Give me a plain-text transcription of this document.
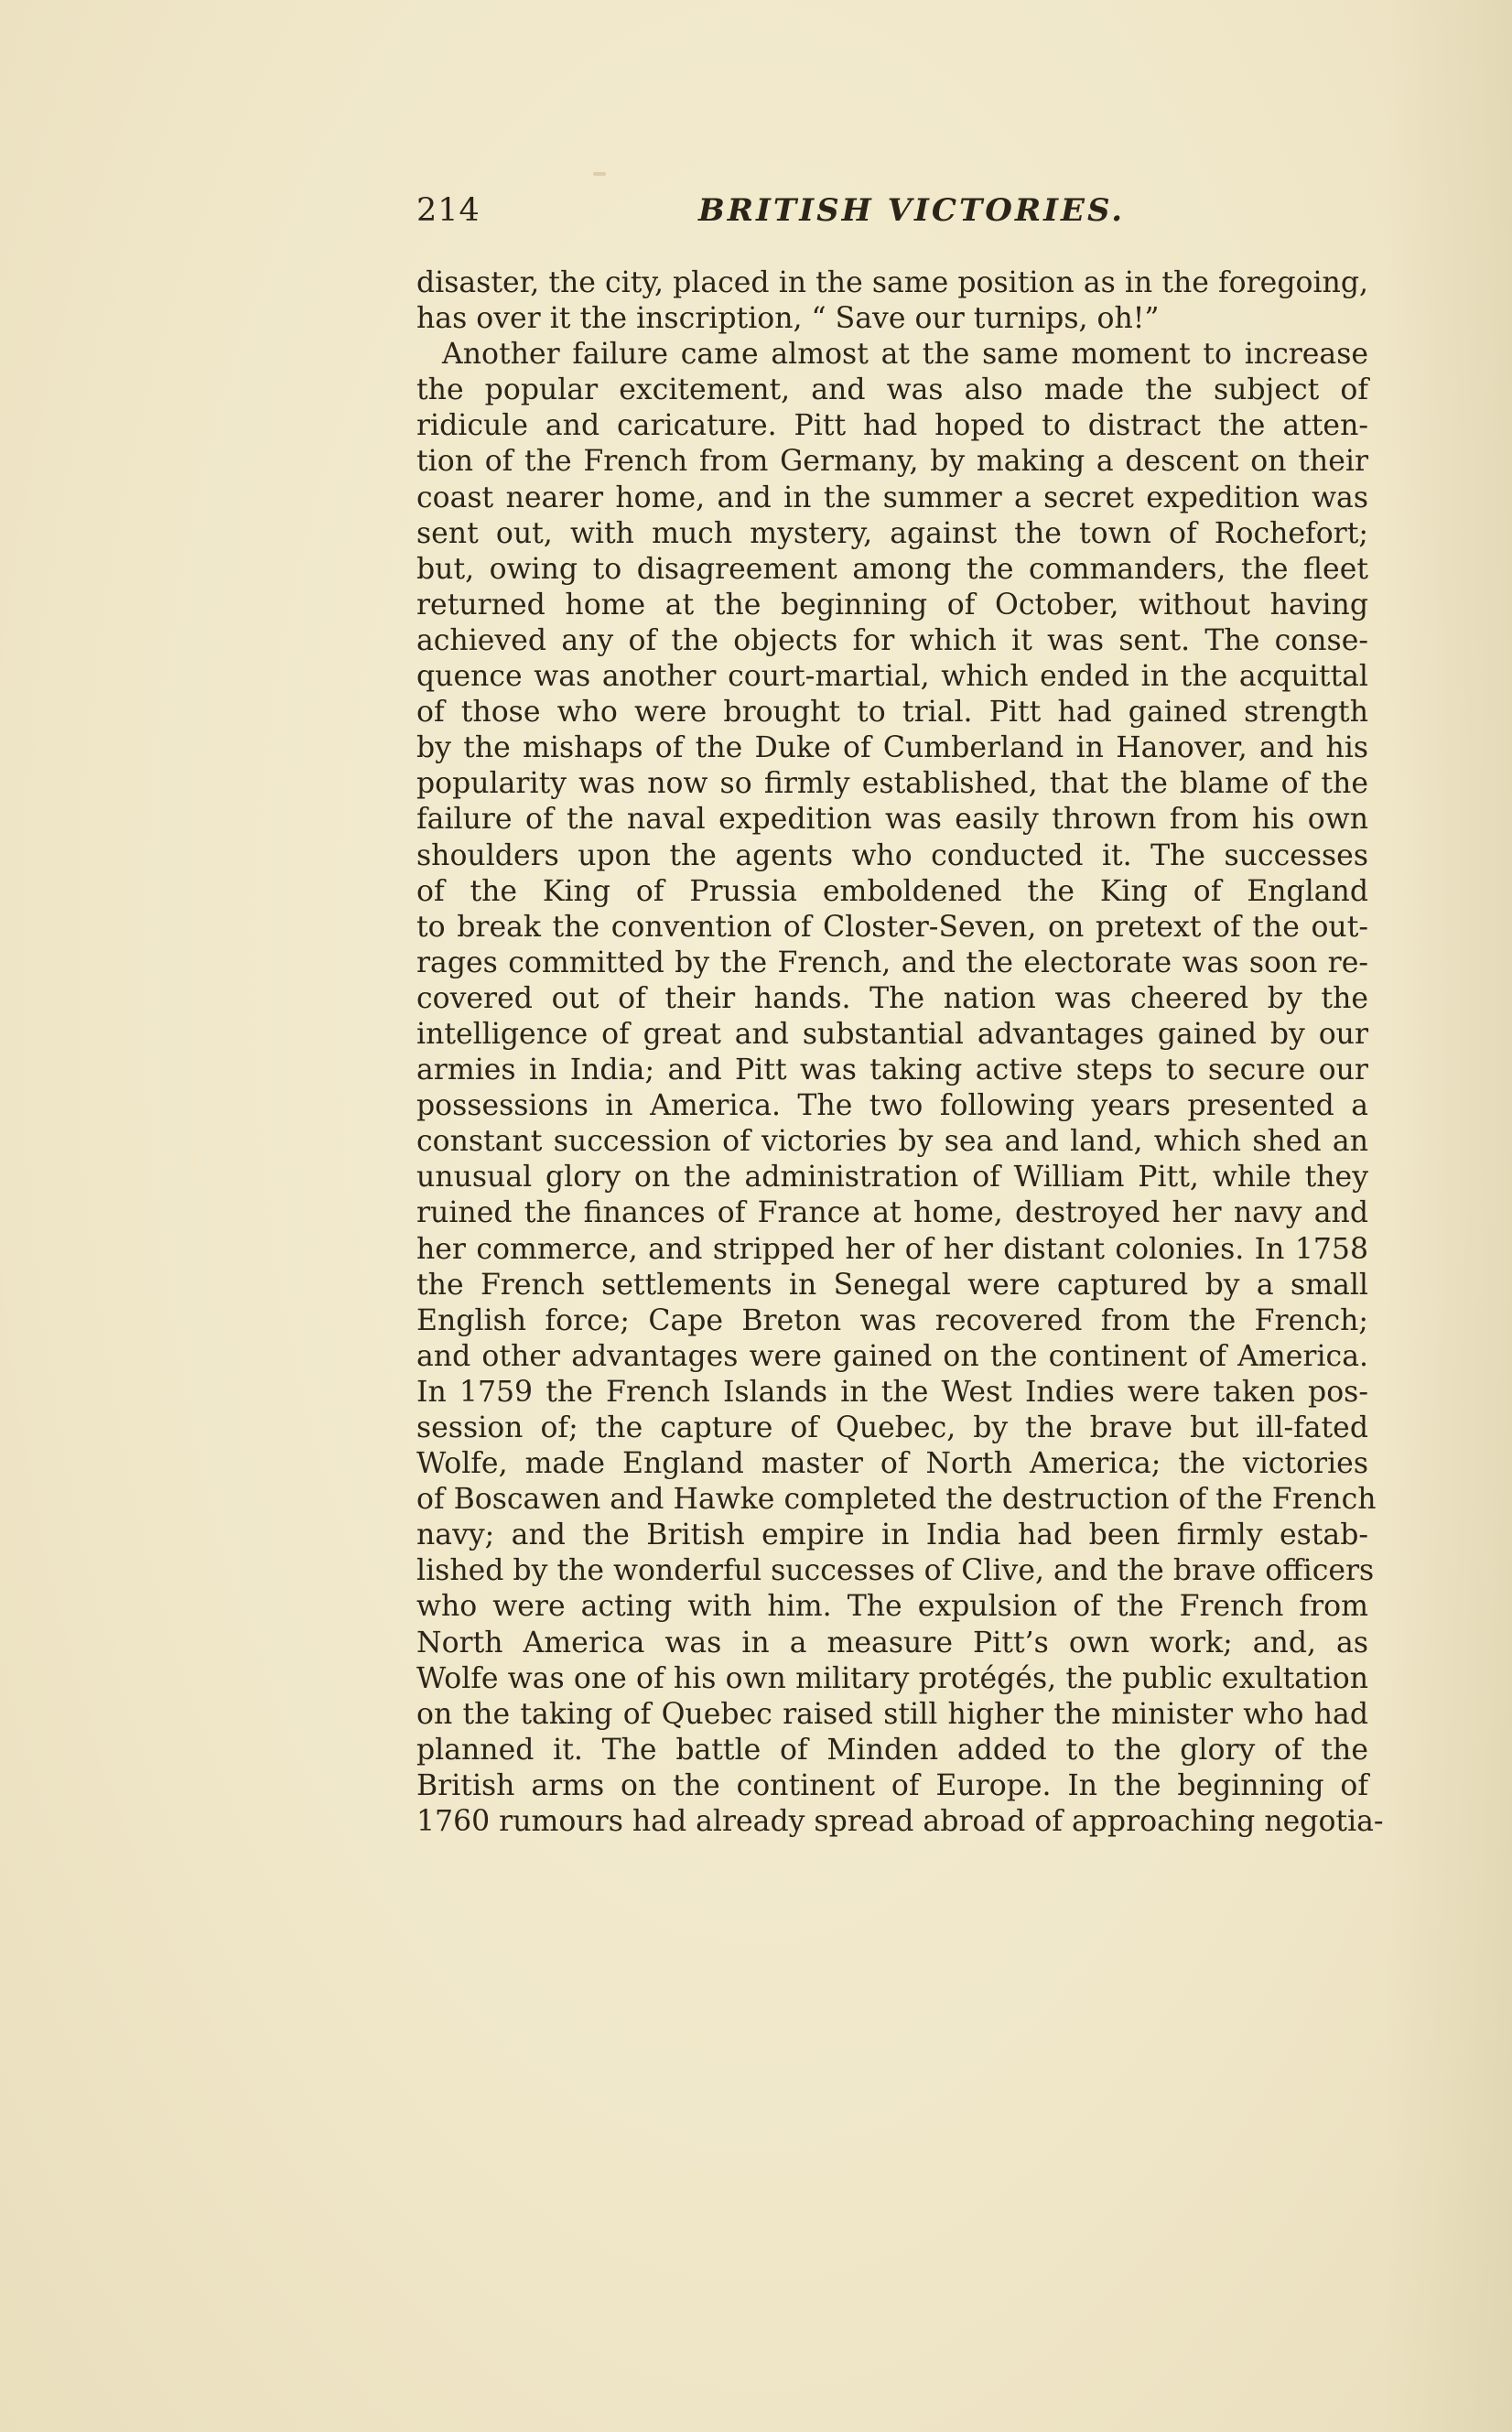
214	BRITISH VICTORIES.
disaster, the city, placed in the same position as in the foregoing,
has over it the inscription, “ Save our turnips, oh!”
Another failure came almost at the same moment to increase
the popular excitement, and was also made the subject of
ridicule and caricature. Pitt had hoped to distract the atten-
tion of the French from Germany, by making a descent on their
coast nearer home, and in the summer a secret expedition was
sent out, with much mystery, against the town of Rochefort;
but, owing to disagreement among the commanders, the fleet
returned home at the beginning of October, without having
achieved any of the objects for which it was sent. The conse-
quence was another court-martial, which ended in the acquittal
of those who were brought to trial. Pitt had gained strength
by the mishaps of the Duke of Cumberland in Hanover, and his
popularity was now so firmly established, that the blame of the
failure of the naval expedition was easily thrown from his own
shoulders upon the agents who conducted it. The successes
of the King of Prussia emboldened the King of England
to break the convention of Closter-Seven, on pretext of the out-
rages committed by the French, and the electorate was soon re-
covered out of their hands. The nation was cheered by the
intelligence of great and substantial advantages gained by our
armies in India; and Pitt was taking active steps to secure our
possessions in America. The two following years presented a
constant succession of victories by sea and land, which shed an
unusual glory on the administration of William Pitt, while they
ruined the finances of France at home, destroyed her navy and
her commerce, and stripped her of her distant colonies. In 1758
the French settlements in Senegal were captured by a small
English force; Cape Breton was recovered from the French;
and other advantages were gained on the continent of America.
In 1759 the French Islands in the West Indies were taken pos-
session of; the capture of Quebec, by the brave but ill-fated
Wolfe, made England master of North America; the victories
of Boscawen and Hawke completed the destruction of the French
navy; and the British empire in India had been firmly estab-
lished by the wonderful successes of Clive, and the brave officers
who were acting with him. The expulsion of the French from
North America was in a measure Pitt’s own work; and, as
Wolfe was one of his own military protégés, the public exultation
on the taking of Quebec raised still higher the minister who had
planned it. The battle of Minden added to the glory of the
British arms on the continent of Europe. In the beginning of
1760 rumours had already spread abroad of approaching negotia-
